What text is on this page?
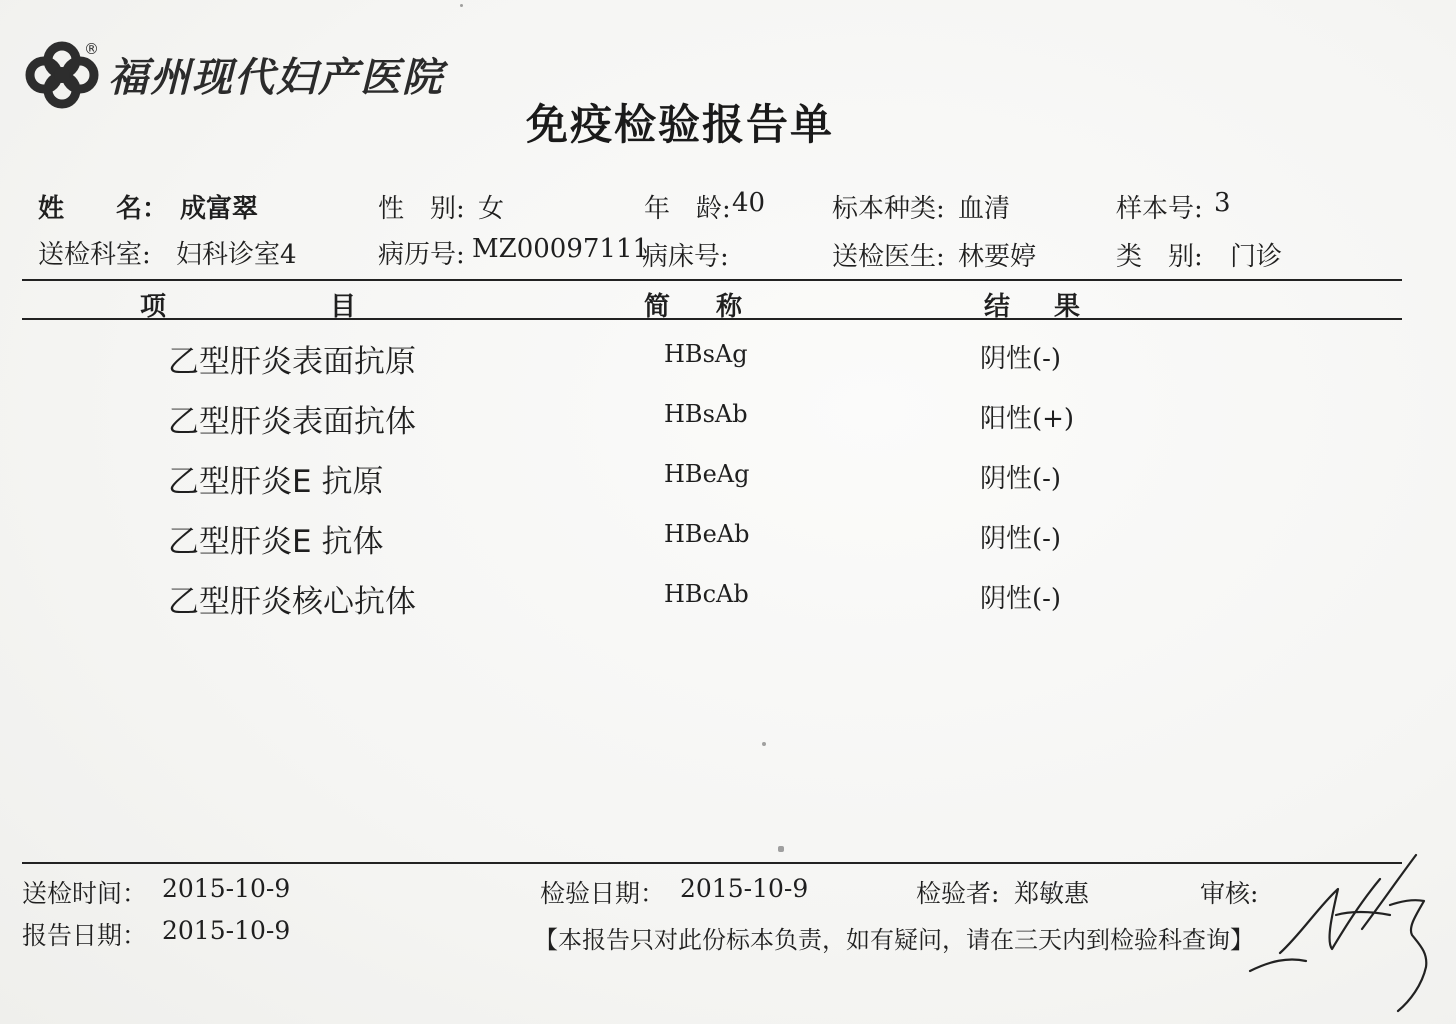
®
福州现代妇产医院
免疫检验报告单
姓　　名： 成富翠	性　别: 女	年　龄: 40	标本种类: 血清	样本号: 3
送检科室: 妇科诊室4	病历号: MZ00097111
病床号:	送检医生: 林要婷	类　别: 门诊
项	目	简 称	结 果
乙型肝炎表面抗原	HBsAg	阴性(-)
乙型肝炎表面抗体	HBsAb	阳性(+)
乙型肝炎E 抗原	HBeAg	阴性(-)
乙型肝炎E 抗体	HBeAb	阴性(-)
乙型肝炎核心抗体	HBcAb	阴性(-)
送检时间： 2015-10-9	检验日期： 2015-10-9	检验者: 郑敏惠	审核:
报告日期： 2015-10-9	【本报告只对此份标本负责，如有疑问，请在三天内到检验科查询】
